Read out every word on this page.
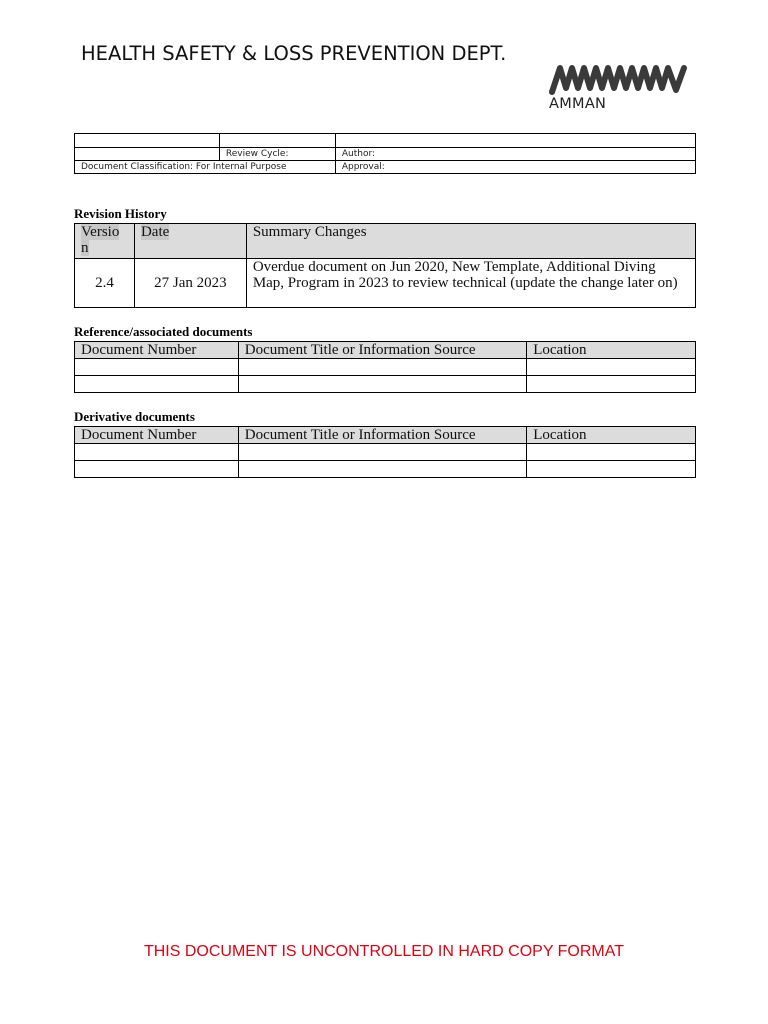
HEALTH SAFETY & LOSS PREVENTION DEPT.
AMMAN

	Review Cycle:	Author:
Document Classification: For Internal Purpose		Approval:
Revision History
Versio n	Date	Summary Changes
2.4	27 Jan 2023	Overdue document on Jun 2020, New Template, Additional Diving Map, Program in 2023 to review technical (update the change later on)
Reference/associated documents
Document Number	Document Title or Information Source	Location

Derivative documents
Document Number	Document Title or Information Source	Location

THIS DOCUMENT IS UNCONTROLLED IN HARD COPY FORMAT
